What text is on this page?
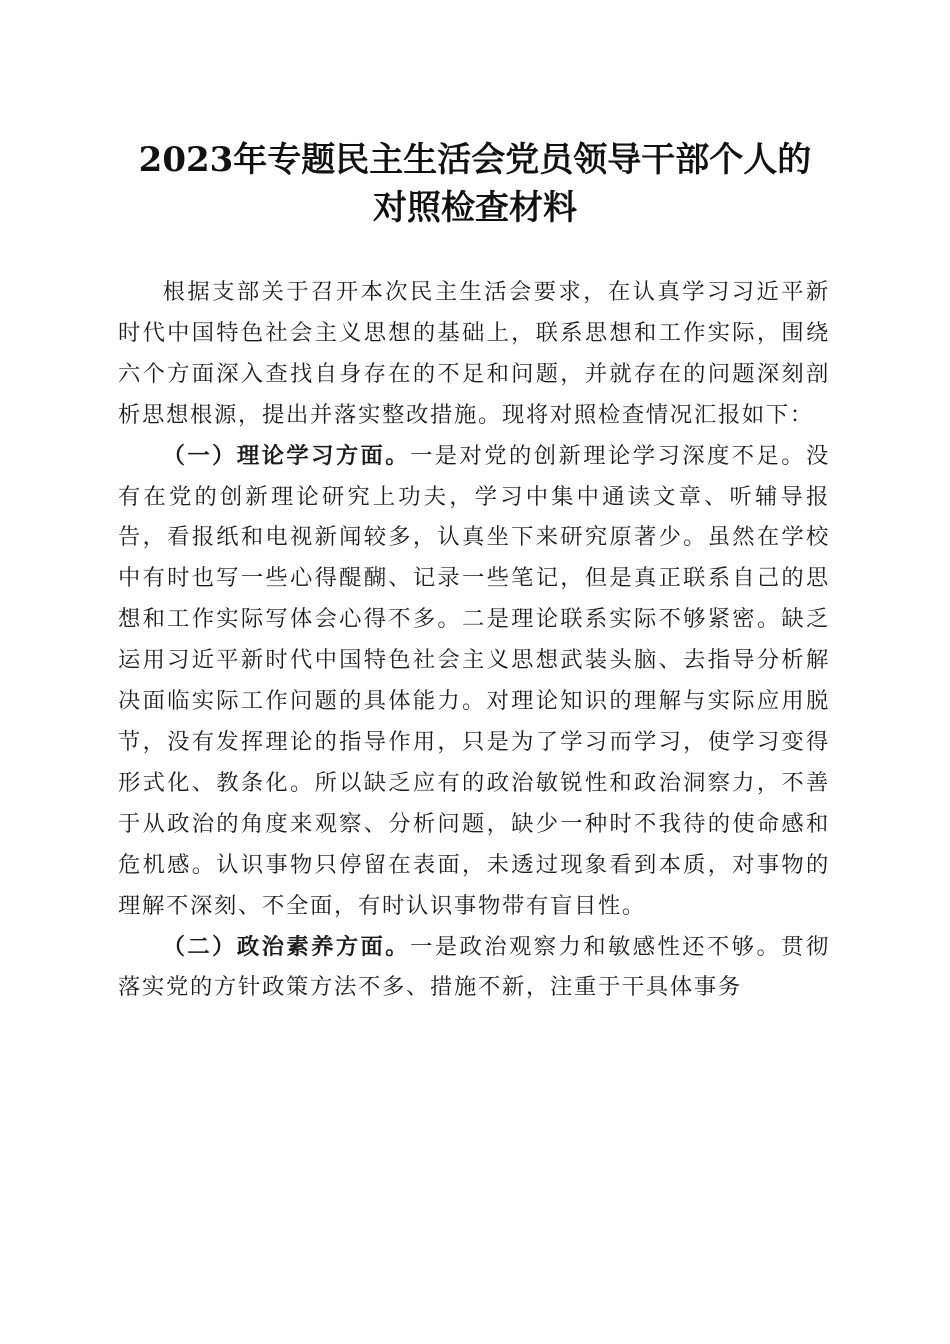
2023年专题民主生活会党员领导干部个人的
对照检查材料

根据支部关于召开本次民主生活会要求，在认真学习习近平新时代中国特色社会主义思想的基础上，联系思想和工作实际，围绕六个方面深入查找自身存在的不足和问题，并就存在的问题深刻剖析思想根源，提出并落实整改措施。现将对照检查情况汇报如下：

（一）理论学习方面。一是对党的创新理论学习深度不足。没有在党的创新理论研究上功夫，学习中集中通读文章、听辅导报告，看报纸和电视新闻较多，认真坐下来研究原著少。虽然在学校中有时也写一些心得醍醐、记录一些笔记，但是真正联系自己的思想和工作实际写体会心得不多。二是理论联系实际不够紧密。缺乏运用习近平新时代中国特色社会主义思想武装头脑、去指导分析解决面临实际工作问题的具体能力。对理论知识的理解与实际应用脱节，没有发挥理论的指导作用，只是为了学习而学习，使学习变得形式化、教条化。所以缺乏应有的政治敏锐性和政治洞察力，不善于从政治的角度来观察、分析问题，缺少一种时不我待的使命感和危机感。认识事物只停留在表面，未透过现象看到本质，对事物的理解不深刻、不全面，有时认识事物带有盲目性。

（二）政治素养方面。一是政治观察力和敏感性还不够。贯彻落实党的方针政策方法不多、措施不新，注重于干具体事务
